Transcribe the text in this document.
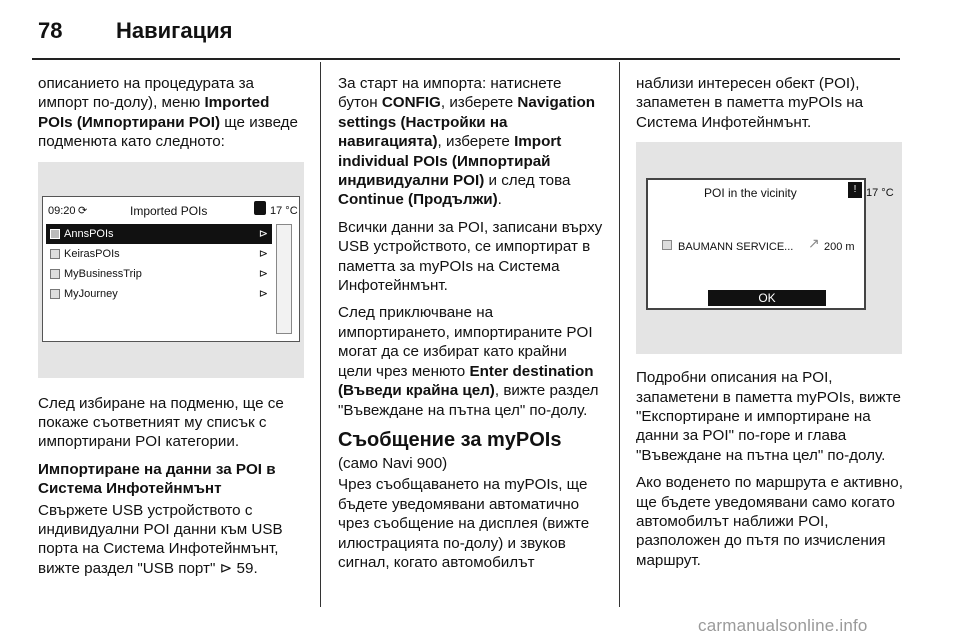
78 Навигация

описанието на процедурата за импорт по-долу), меню Imported POIs (Импортирани POI) ще изведе подменюта като следното:

09:20 ⟳	Imported POIs	17 °C
AnnsPOIs	⊳
KeirasPOIs	⊳
MyBusinessTrip	⊳
MyJourney	⊳

След избиране на подменю, ще се покаже съответният му списък с импортирани POI категории.

Импортиране на данни за POI в Система Инфотейнмънт

Свържете USB устройството с индивидуални POI данни към USB порта на Система Инфотейнмънт, вижте раздел "USB порт" ⊳ 59.

За старт на импорта: натиснете бутон CONFIG, изберете Navigation settings (Настройки на навигацията), изберете Import individual POIs (Импортирай индивидуални POI) и след това Continue (Продължи).

Всички данни за POI, записани върху USB устройството, се импортират в паметта за myPOIs на Система Инфотейнмънт.

След приключване на импортирането, импортираните POI могат да се избират като крайни цели чрез менюто Enter destination (Въведи крайна цел), вижте раздел "Въвеждане на пътна цел" по-долу.

Съобщение за myPOIs

(само Navi 900)

Чрез съобщаването на myPOIs, ще бъдете уведомявани автоматично чрез съобщение на дисплея (вижте илюстрацията по-долу) и звуков сигнал, когато автомобилът

наблизи интересен обект (POI), запаметен в паметта myPOIs на Система Инфотейнмънт.

POI in the vicinity	! 17 °C
BAUMANN SERVICE... ↗ 200 m
OK

Подробни описания на POI, запаметени в паметта myPOIs, вижте "Експортиране и импортиране на данни за POI" по-горе и глава "Въвеждане на пътна цел" по-долу.

Ако воденето по маршрута е активно, ще бъдете уведомявани само когато автомобилът наближи POI, разположен до пътя по изчисления маршрут.

carmanualsonline.info
